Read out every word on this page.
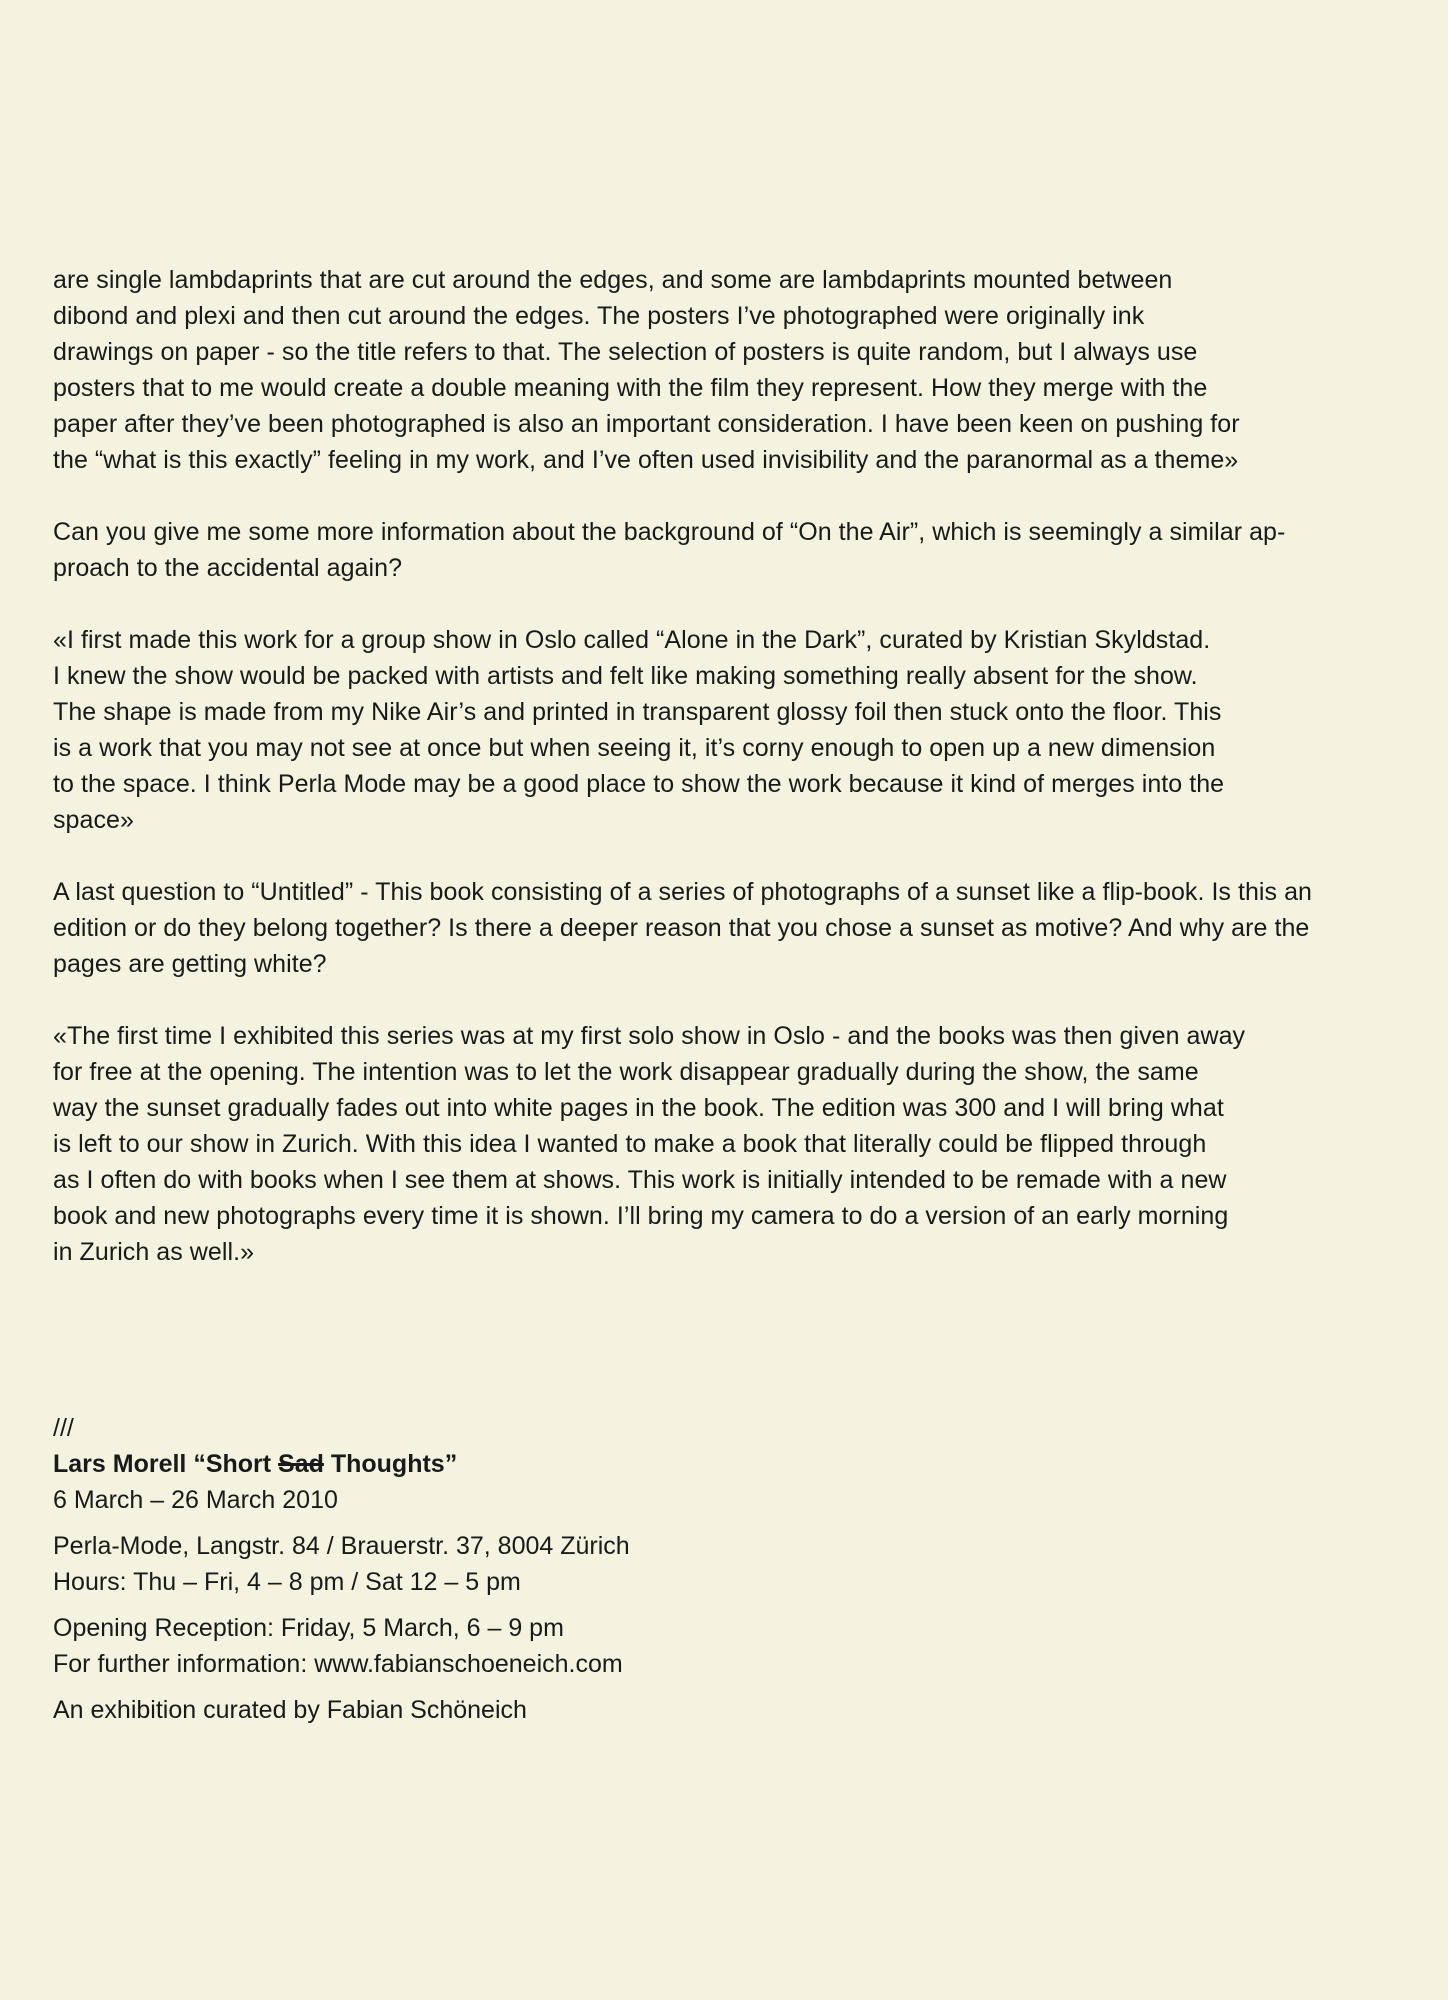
are single lambdaprints that are cut around the edges, and some are lambdaprints mounted between
dibond and plexi and then cut around the edges. The posters I’ve photographed were originally ink
drawings on paper - so the title refers to that. The selection of posters is quite random, but I always use
posters that to me would create a double meaning with the film they represent. How they merge with the
paper after they’ve been photographed is also an important consideration. I have been keen on pushing for
the “what is this exactly” feeling in my work, and I’ve often used invisibility and the paranormal as a theme»

Can you give me some more information about the background of “On the Air”, which is seemingly a similar ap-
proach to the accidental again?

«I first made this work for a group show in Oslo called “Alone in the Dark”, curated by Kristian Skyldstad.
I knew the show would be packed with artists and felt like making something really absent for the show.
The shape is made from my Nike Air’s and printed in transparent glossy foil then stuck onto the floor. This
is a work that you may not see at once but when seeing it, it’s corny enough to open up a new dimension
to the space. I think Perla Mode may be a good place to show the work because it kind of merges into the
space»

A last question to “Untitled” - This book consisting of a series of photographs of a sunset like a flip-book. Is this an
edition or do they belong together? Is there a deeper reason that you chose a sunset as motive? And why are the
pages are getting white?

«The first time I exhibited this series was at my first solo show in Oslo - and the books was then given away
for free at the opening. The intention was to let the work disappear gradually during the show, the same
way the sunset gradually fades out into white pages in the book. The edition was 300 and I will bring what
is left to our show in Zurich. With this idea I wanted to make a book that literally could be flipped through
as I often do with books when I see them at shows. This work is initially intended to be remade with a new
book and new photographs every time it is shown. I’ll bring my camera to do a version of an early morning
in Zurich as well.»

///
Lars Morell “Short Sad Thoughts”
6 March – 26 March 2010
Perla-Mode, Langstr. 84 / Brauerstr. 37, 8004 Zürich
Hours: Thu – Fri, 4 – 8 pm / Sat 12 – 5 pm
Opening Reception: Friday, 5 March, 6 – 9 pm
For further information: www.fabianschoeneich.com
An exhibition curated by Fabian Schöneich
